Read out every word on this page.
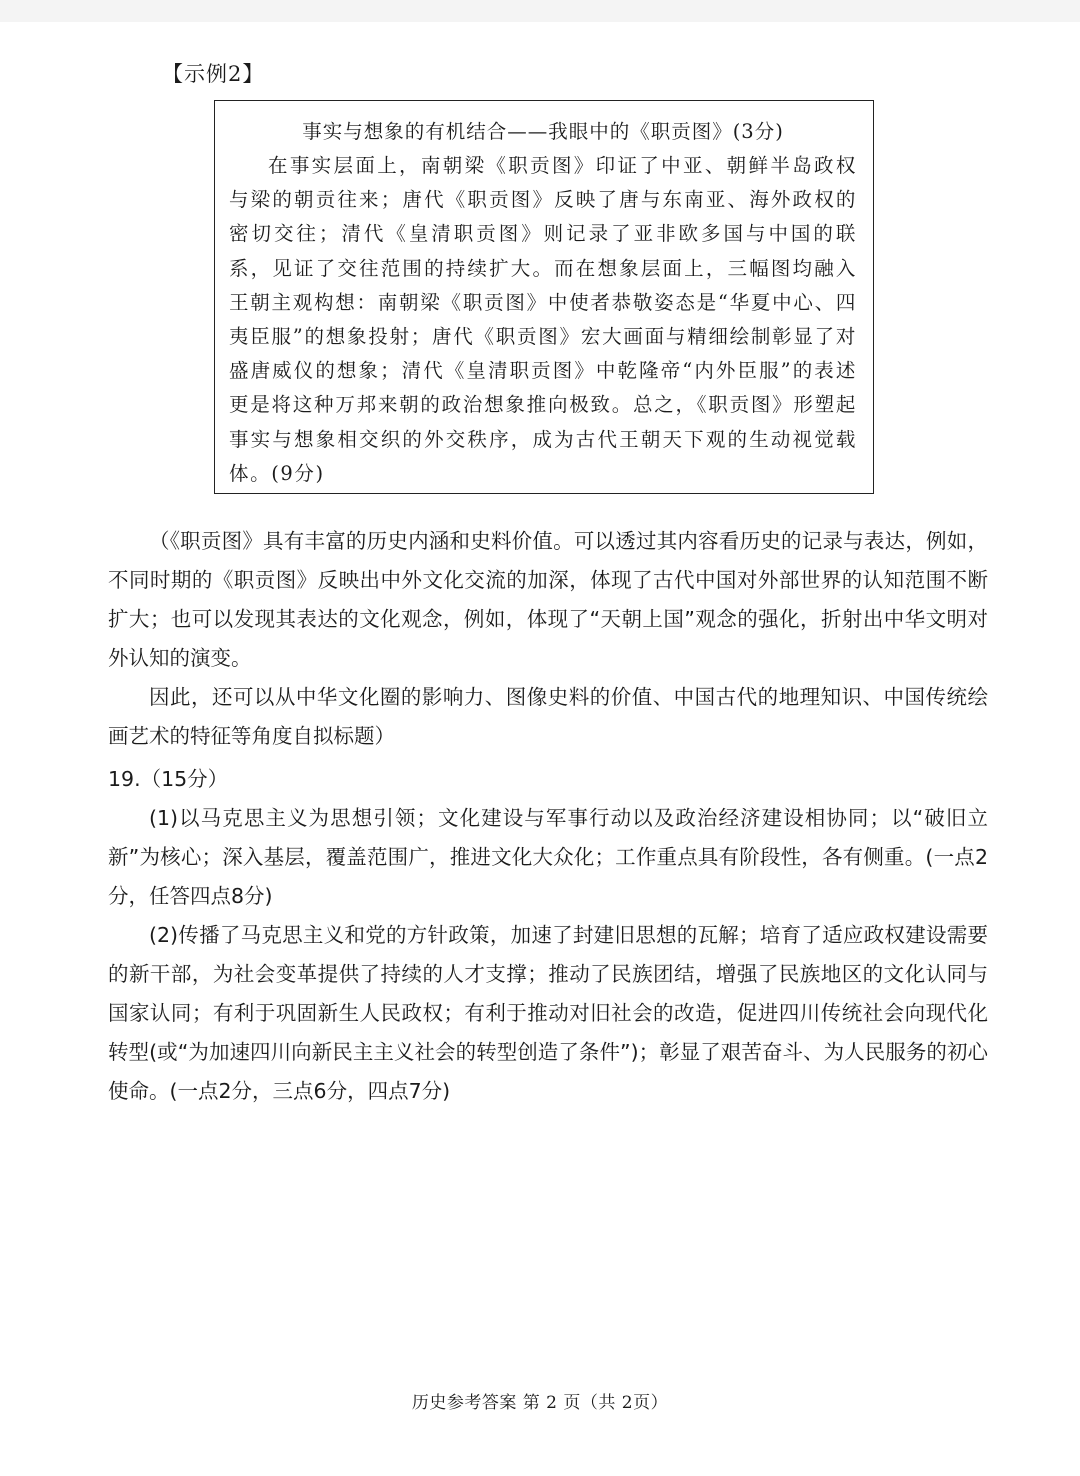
【示例2】

事实与想象的有机结合——我眼中的《职贡图》(3分)

在事实层面上，南朝梁《职贡图》印证了中亚、朝鲜半岛政权与梁的朝贡往来；唐代《职贡图》反映了唐与东南亚、海外政权的密切交往；清代《皇清职贡图》则记录了亚非欧多国与中国的联系，见证了交往范围的持续扩大。而在想象层面上，三幅图均融入王朝主观构想：南朝梁《职贡图》中使者恭敬姿态是“华夏中心、四夷臣服”的想象投射；唐代《职贡图》宏大画面与精细绘制彰显了对盛唐威仪的想象；清代《皇清职贡图》中乾隆帝“内外臣服”的表述更是将这种万邦来朝的政治想象推向极致。总之，《职贡图》形塑起事实与想象相交织的外交秩序，成为古代王朝天下观的生动视觉载体。(9分)

（《职贡图》具有丰富的历史内涵和史料价值。可以透过其内容看历史的记录与表达，例如，不同时期的《职贡图》反映出中外文化交流的加深，体现了古代中国对外部世界的认知范围不断扩大；也可以发现其表达的文化观念，例如，体现了“天朝上国”观念的强化，折射出中华文明对外认知的演变。

因此，还可以从中华文化圈的影响力、图像史料的价值、中国古代的地理知识、中国传统绘画艺术的特征等角度自拟标题）

19.（15分）

(1)以马克思主义为思想引领；文化建设与军事行动以及政治经济建设相协同；以“破旧立新”为核心；深入基层，覆盖范围广，推进文化大众化；工作重点具有阶段性，各有侧重。(一点2分，任答四点8分)

(2)传播了马克思主义和党的方针政策，加速了封建旧思想的瓦解；培育了适应政权建设需要的新干部，为社会变革提供了持续的人才支撑；推动了民族团结，增强了民族地区的文化认同与国家认同；有利于巩固新生人民政权；有利于推动对旧社会的改造，促进四川传统社会向现代化转型(或“为加速四川向新民主主义社会的转型创造了条件”)；彰显了艰苦奋斗、为人民服务的初心使命。(一点2分，三点6分，四点7分)

历史参考答案 第 2 页（共 2页）
